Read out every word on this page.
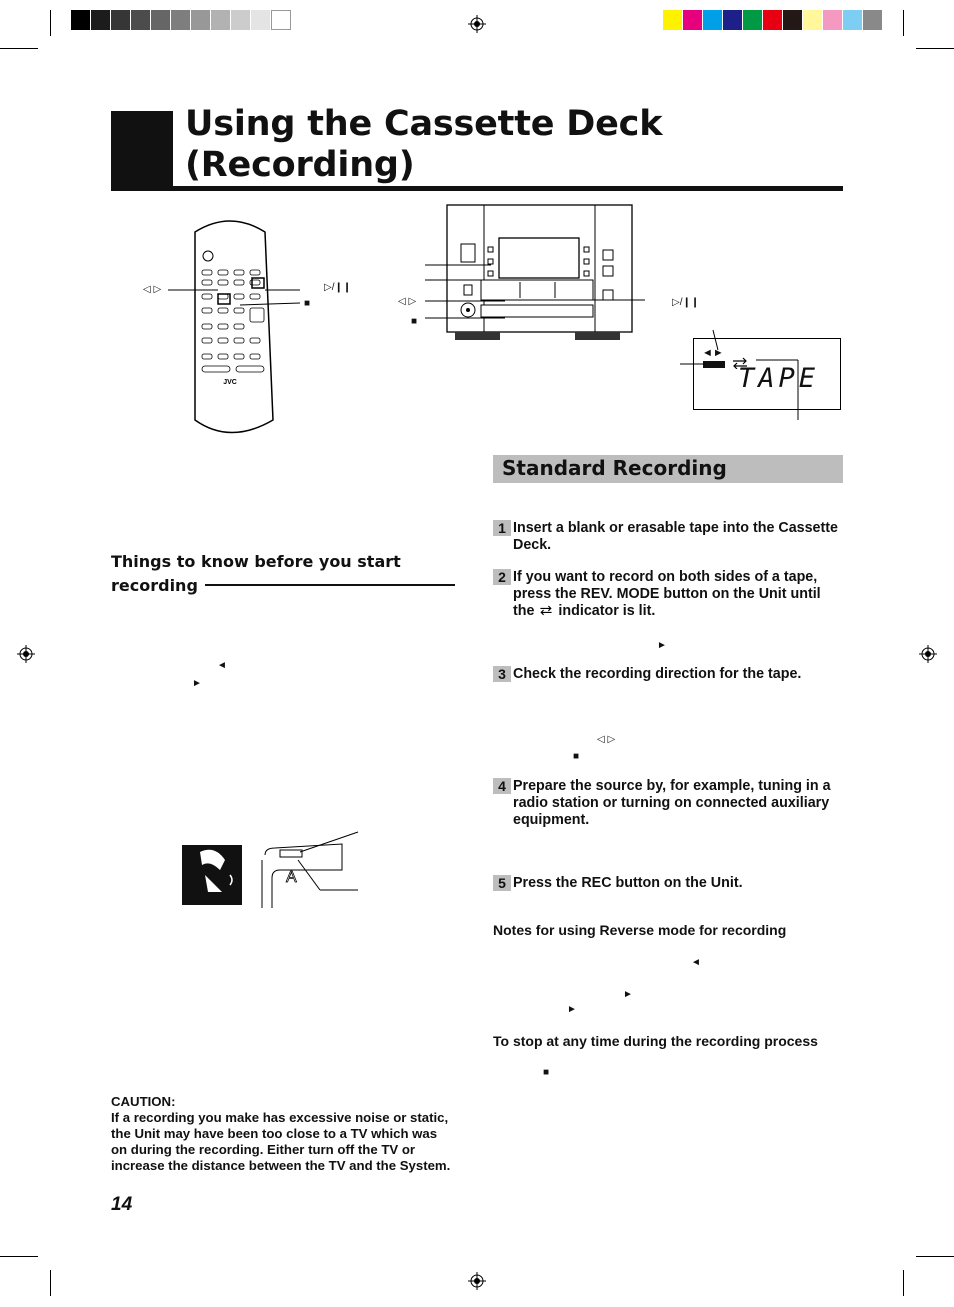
Using the Cassette Deck
(Recording)
JVC
◁ ▷	▷/❙❙
■	◁ ▷
■
▷/❙❙
◄►
TAPE
Standard Recording
Things to know before you start
recording
◄
►
A
1 Insert a blank or erasable tape into the Cassette Deck.
2 If you want to record on both sides of a tape, press the REV. MODE button on the Unit until the indicator is lit.
►
3 Check the recording direction for the tape.
◁ ▷
■
4 Prepare the source by, for example, tuning in a radio station or turning on connected auxiliary equipment.
5 Press the REC button on the Unit.
Notes for using Reverse mode for recording
◄
►
►
To stop at any time during the recording process
■
CAUTION:
If a recording you make has excessive noise or static, the Unit may have been too close to a TV which was on during the recording. Either turn off the TV or increase the distance between the TV and the System.
14
